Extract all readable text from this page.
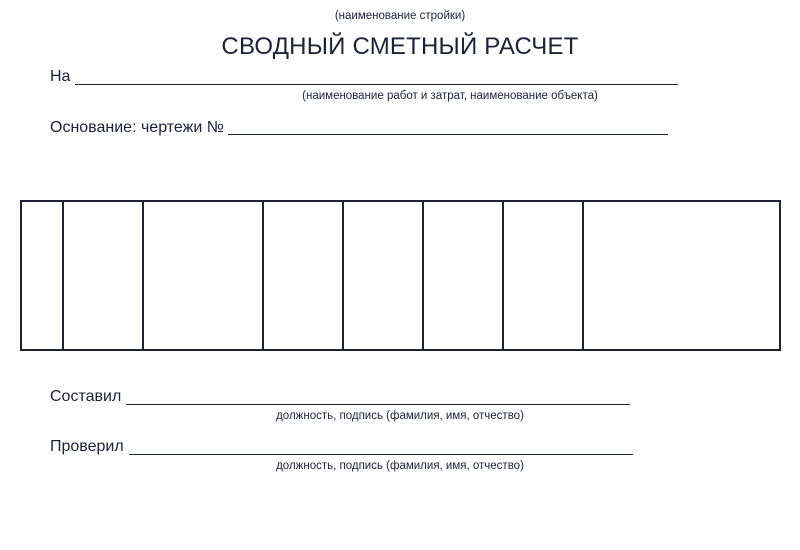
(наименование стройки)
СВОДНЫЙ СМЕТНЫЙ РАСЧЕТ
На
(наименование работ и затрат, наименование объекта)
Основание: чертежи №
Составил
должность, подпись (фамилия, имя, отчество)
Проверил
должность, подпись (фамилия, имя, отчество)
